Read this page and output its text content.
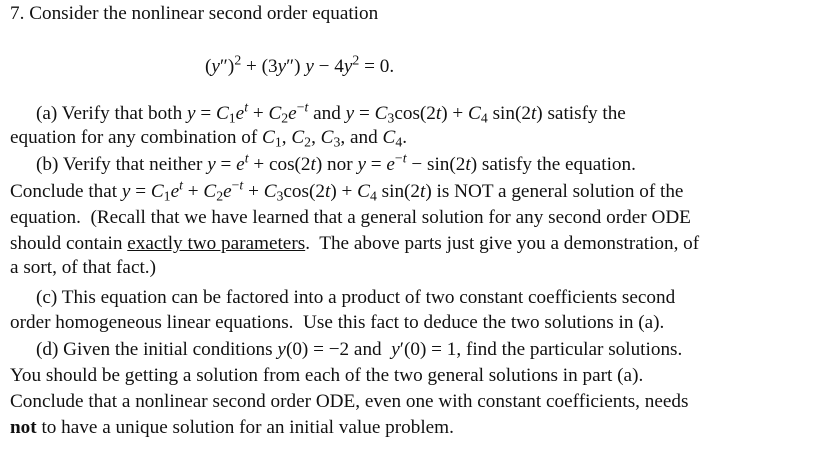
7. Consider the nonlinear second order equation
$(y'')^2 + (3y'') y - 4y^2 = 0$.
(a) Verify that both $y = C_1e^t + C_2e^{-t}$ and $y = C_3\cos(2t) + C_4$ sin(2t) satisfy the
equation for any combination of $C_1$, $C_2$, $C_3$, and $C_4$.
(b) Verify that neither $y = e^t + \cos(2t)$ nor $y = e^{-t} - \sin(2t)$ satisfy the equation.
Conclude that $y = C_1e^t + C_2e^{-t} + C_3\cos(2t) + C_4$ sin(2t) is NOT a general solution of the
equation.  (Recall that we have learned that a general solution for any second order ODE
should contain exactly two parameters.  The above parts just give you a demonstration, of
a sort, of that fact.)
(c) This equation can be factored into a product of two constant coefficients second
order homogeneous linear equations.  Use this fact to deduce the two solutions in (a).
(d) Given the initial conditions y(0) = −2 and  y′(0) = 1, find the particular solutions.
You should be getting a solution from each of the two general solutions in part (a).
Conclude that a nonlinear second order ODE, even one with constant coefficients, needs
not to have a unique solution for an initial value problem.
